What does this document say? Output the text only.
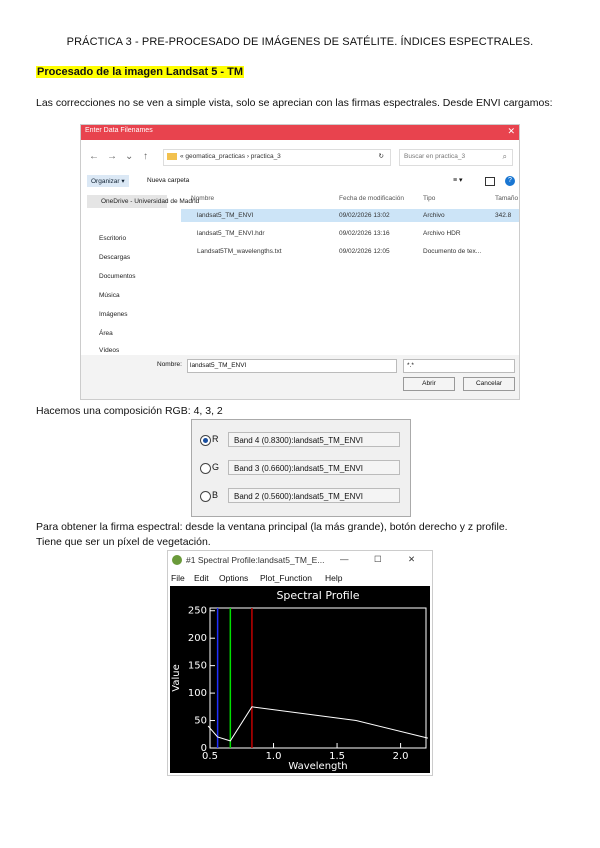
PRÁCTICA 3 - PRE-PROCESADO DE IMÁGENES DE SATÉLITE. ÍNDICES ESPECTRALES.
Procesado de la imagen Landsat 5 - TM
Las correcciones no se ven a simple vista, solo se aprecian con las firmas espectrales. Desde ENVI cargamos:
Enter Data Filenames	✕
← → ⌄ ↑	« geomatica_practicas › practica_3	↻	Buscar en practica_3	⌕
Organizar ▾	Nueva carpeta	≡ ▾	?
OneDrive - Universidad de Madrid
Escritorio
Descargas
Documentos
Música
Imágenes
Área
Vídeos
Nombre	Fecha de modificación	Tipo	Tamaño
landsat5_TM_ENVI	09/02/2026 13:02	Archivo	342.8
landsat5_TM_ENVI.hdr	09/02/2026 13:16	Archivo HDR
Landsat5TM_wavelengths.txt	09/02/2026 12:05	Documento de tex...
Nombre: landsat5_TM_ENVI	*.*
Abrir	Cancelar
Hacemos una composición RGB: 4, 3, 2
R	Band 4 (0.8300):landsat5_TM_ENVI
G	Band 3 (0.6600):landsat5_TM_ENVI
B	Band 2 (0.5600):landsat5_TM_ENVI
Para obtener la firma espectral: desde la ventana principal (la más grande), botón derecho y z profile.
Tiene que ser un píxel de vegetación.
#1 Spectral Profile:landsat5_TM_E... —	☐	✕
File Edit Options Plot_Function Help
Spectral Profile
0
50
100
150
200
250
0.5	1.0	1.5	2.0
Wavelength
Value
